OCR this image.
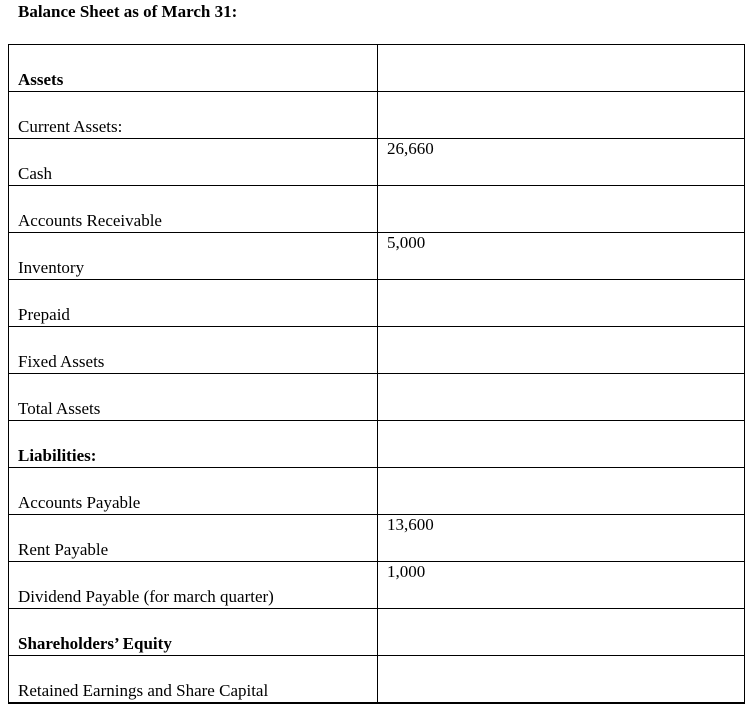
Balance Sheet as of March 31:
Assets	

Current Assets:	

Cash	26,660

Accounts Receivable	

Inventory	5,000

Prepaid	

Fixed Assets	

Total Assets	

Liabilities:	

Accounts Payable	

Rent Payable	13,600

Dividend Payable (for march quarter)	1,000

Shareholders’ Equity	

Retained Earnings and Share Capital	
